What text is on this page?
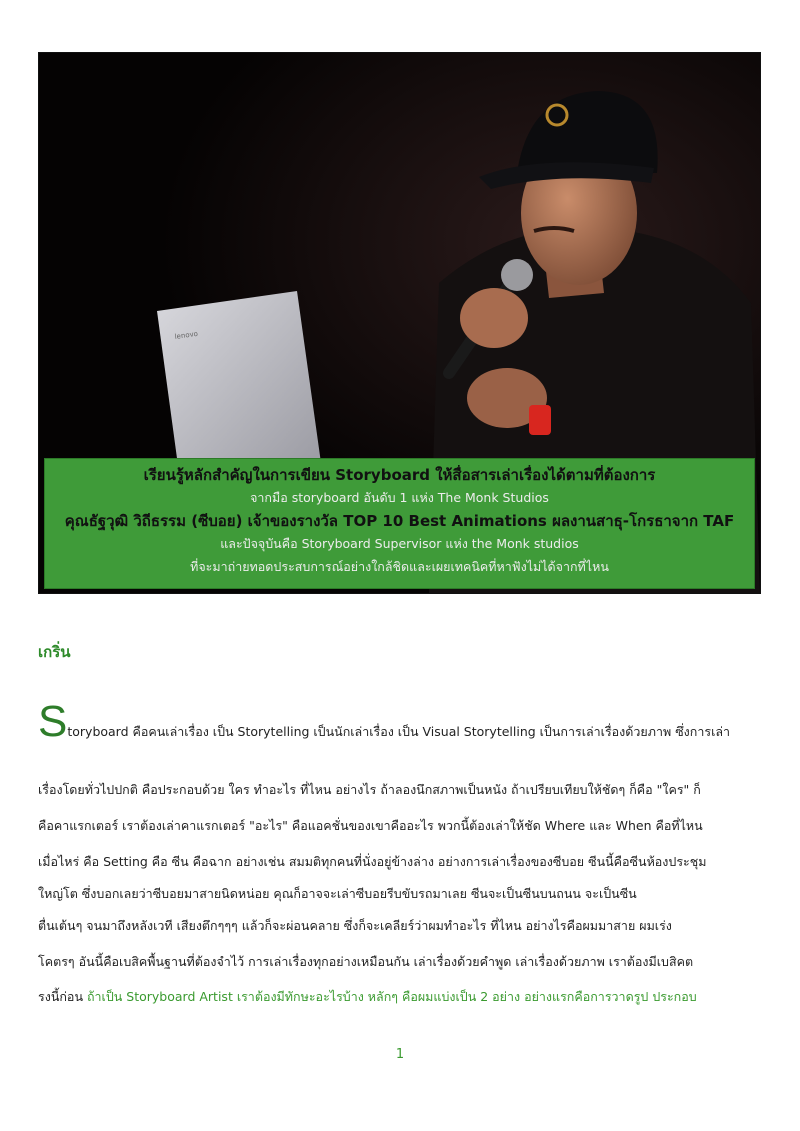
lenovo
เรียนรู้หลักสำคัญในการเขียน Storyboard ให้สื่อสารเล่าเรื่องได้ตามที่ต้องการ
จากมือ storyboard อันดับ 1 แห่ง The Monk Studios
คุณธัฐวุฒิ วิถีธรรม (ซีบอย) เจ้าของรางวัล TOP 10 Best Animations ผลงานสาธุ-โกรธาจาก TAF
และปัจจุบันคือ Storyboard Supervisor แห่ง the Monk studios
ที่จะมาถ่ายทอดประสบการณ์อย่างใกล้ชิดและเผยเทคนิคที่หาฟังไม่ได้จากที่ไหน
เกริ่น
Storyboard คือคนเล่าเรื่อง เป็น Storytelling เป็นนักเล่าเรื่อง เป็น Visual Storytelling เป็นการเล่าเรื่องด้วยภาพ ซึ่งการเล่า
เรื่องโดยทั่วไปปกติ คือประกอบด้วย ใคร ทำอะไร ที่ไหน อย่างไร ถ้าลองนึกสภาพเป็นหนัง ถ้าเปรียบเทียบให้ชัดๆ ก็คือ "ใคร" ก็
คือคาแรกเตอร์ เราต้องเล่าคาแรกเตอร์ "อะไร" คือแอคชั่นของเขาคืออะไร พวกนี้ต้องเล่าให้ชัด Where และ When คือที่ไหน
เมื่อไหร่ คือ Setting คือ ซีน คือฉาก อย่างเช่น สมมติทุกคนที่นั่งอยู่ข้างล่าง อย่างการเล่าเรื่องของซีบอย ซีนนี้คือซีนห้องประชุม
ใหญ่โต ซึ่งบอกเลยว่าซีบอยมาสายนิดหน่อย คุณก็อาจจะเล่าซีบอยรีบขับรถมาเลย ซีนจะเป็นซีนบนถนน จะเป็นซีน
ตื่นเต้นๆ จนมาถึงหลังเวที เสียงตึกๆๆๆ แล้วก็จะผ่อนคลาย ซึ่งก็จะเคลียร์ว่าผมทำอะไร ที่ไหน อย่างไรคือผมมาสาย ผมเร่ง
โคตรๆ อันนี้คือเบสิคพื้นฐานที่ต้องจำไว้ การเล่าเรื่องทุกอย่างเหมือนกัน เล่าเรื่องด้วยคำพูด เล่าเรื่องด้วยภาพ เราต้องมีเบสิคต
รงนี้ก่อน ถ้าเป็น Storyboard Artist เราต้องมีทักษะอะไรบ้าง หลักๆ คือผมแบ่งเป็น 2 อย่าง อย่างแรกคือการวาดรูป ประกอบ
1
